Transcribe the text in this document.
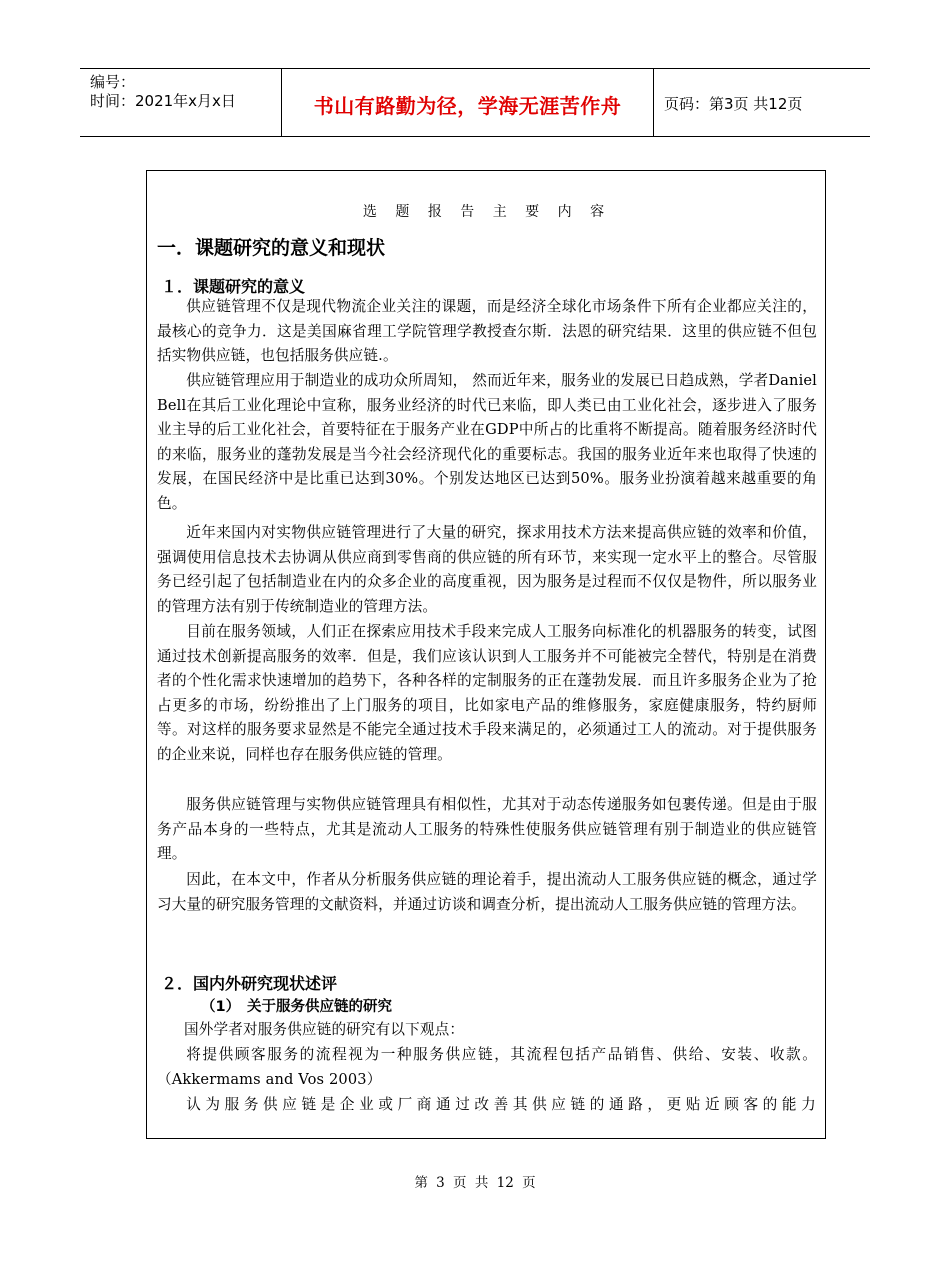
编号：
时间：2021年x月x日	书山有路勤为径，学海无涯苦作舟	页码：第3页 共12页
选 题 报 告 主 要 内 容
一．课题研究的意义和现状
１．课题研究的意义
供应链管理不仅是现代物流企业关注的课题，而是经济全球化市场条件下所有企业都应关注的，最核心的竞争力．这是美国麻省理工学院管理学教授查尔斯．法恩的研究结果．这里的供应链不但包括实物供应链，也包括服务供应链.。
供应链管理应用于制造业的成功众所周知， 然而近年来，服务业的发展已日趋成熟，学者Daniel Bell在其后工业化理论中宣称，服务业经济的时代已来临，即人类已由工业化社会，逐步进入了服务业主导的后工业化社会，首要特征在于服务产业在GDP中所占的比重将不断提高。随着服务经济时代的来临，服务业的蓬勃发展是当今社会经济现代化的重要标志。我国的服务业近年来也取得了快速的发展，在国民经济中是比重已达到30%。个别发达地区已达到50%。服务业扮演着越来越重要的角色。
近年来国内对实物供应链管理进行了大量的研究，探求用技术方法来提高供应链的效率和价值，强调使用信息技术去协调从供应商到零售商的供应链的所有环节，来实现一定水平上的整合。尽管服务已经引起了包括制造业在内的众多企业的高度重视，因为服务是过程而不仅仅是物件，所以服务业的管理方法有别于传统制造业的管理方法。
目前在服务领域，人们正在探索应用技术手段来完成人工服务向标准化的机器服务的转变，试图通过技术创新提高服务的效率．但是，我们应该认识到人工服务并不可能被完全替代，特别是在消费者的个性化需求快速增加的趋势下，各种各样的定制服务的正在蓬勃发展．而且许多服务企业为了抢占更多的市场，纷纷推出了上门服务的项目，比如家电产品的维修服务，家庭健康服务，特约厨师等。对这样的服务要求显然是不能完全通过技术手段来满足的，必须通过工人的流动。对于提供服务的企业来说，同样也存在服务供应链的管理。
服务供应链管理与实物供应链管理具有相似性，尤其对于动态传递服务如包裹传递。但是由于服务产品本身的一些特点，尤其是流动人工服务的特殊性使服务供应链管理有别于制造业的供应链管理。
因此，在本文中，作者从分析服务供应链的理论着手，提出流动人工服务供应链的概念，通过学习大量的研究服务管理的文献资料，并通过访谈和调查分析，提出流动人工服务供应链的管理方法。
２．国内外研究现状述评
（1） 关于服务供应链的研究
国外学者对服务供应链的研究有以下观点：
将提供顾客服务的流程视为一种服务供应链，其流程包括产品销售、供给、安装、收款。（Akkermams and Vos 2003）
认为服务供应链是企业或厂商通过改善其供应链的通路，更贴近顾客的能力
第 3 页 共 12 页
